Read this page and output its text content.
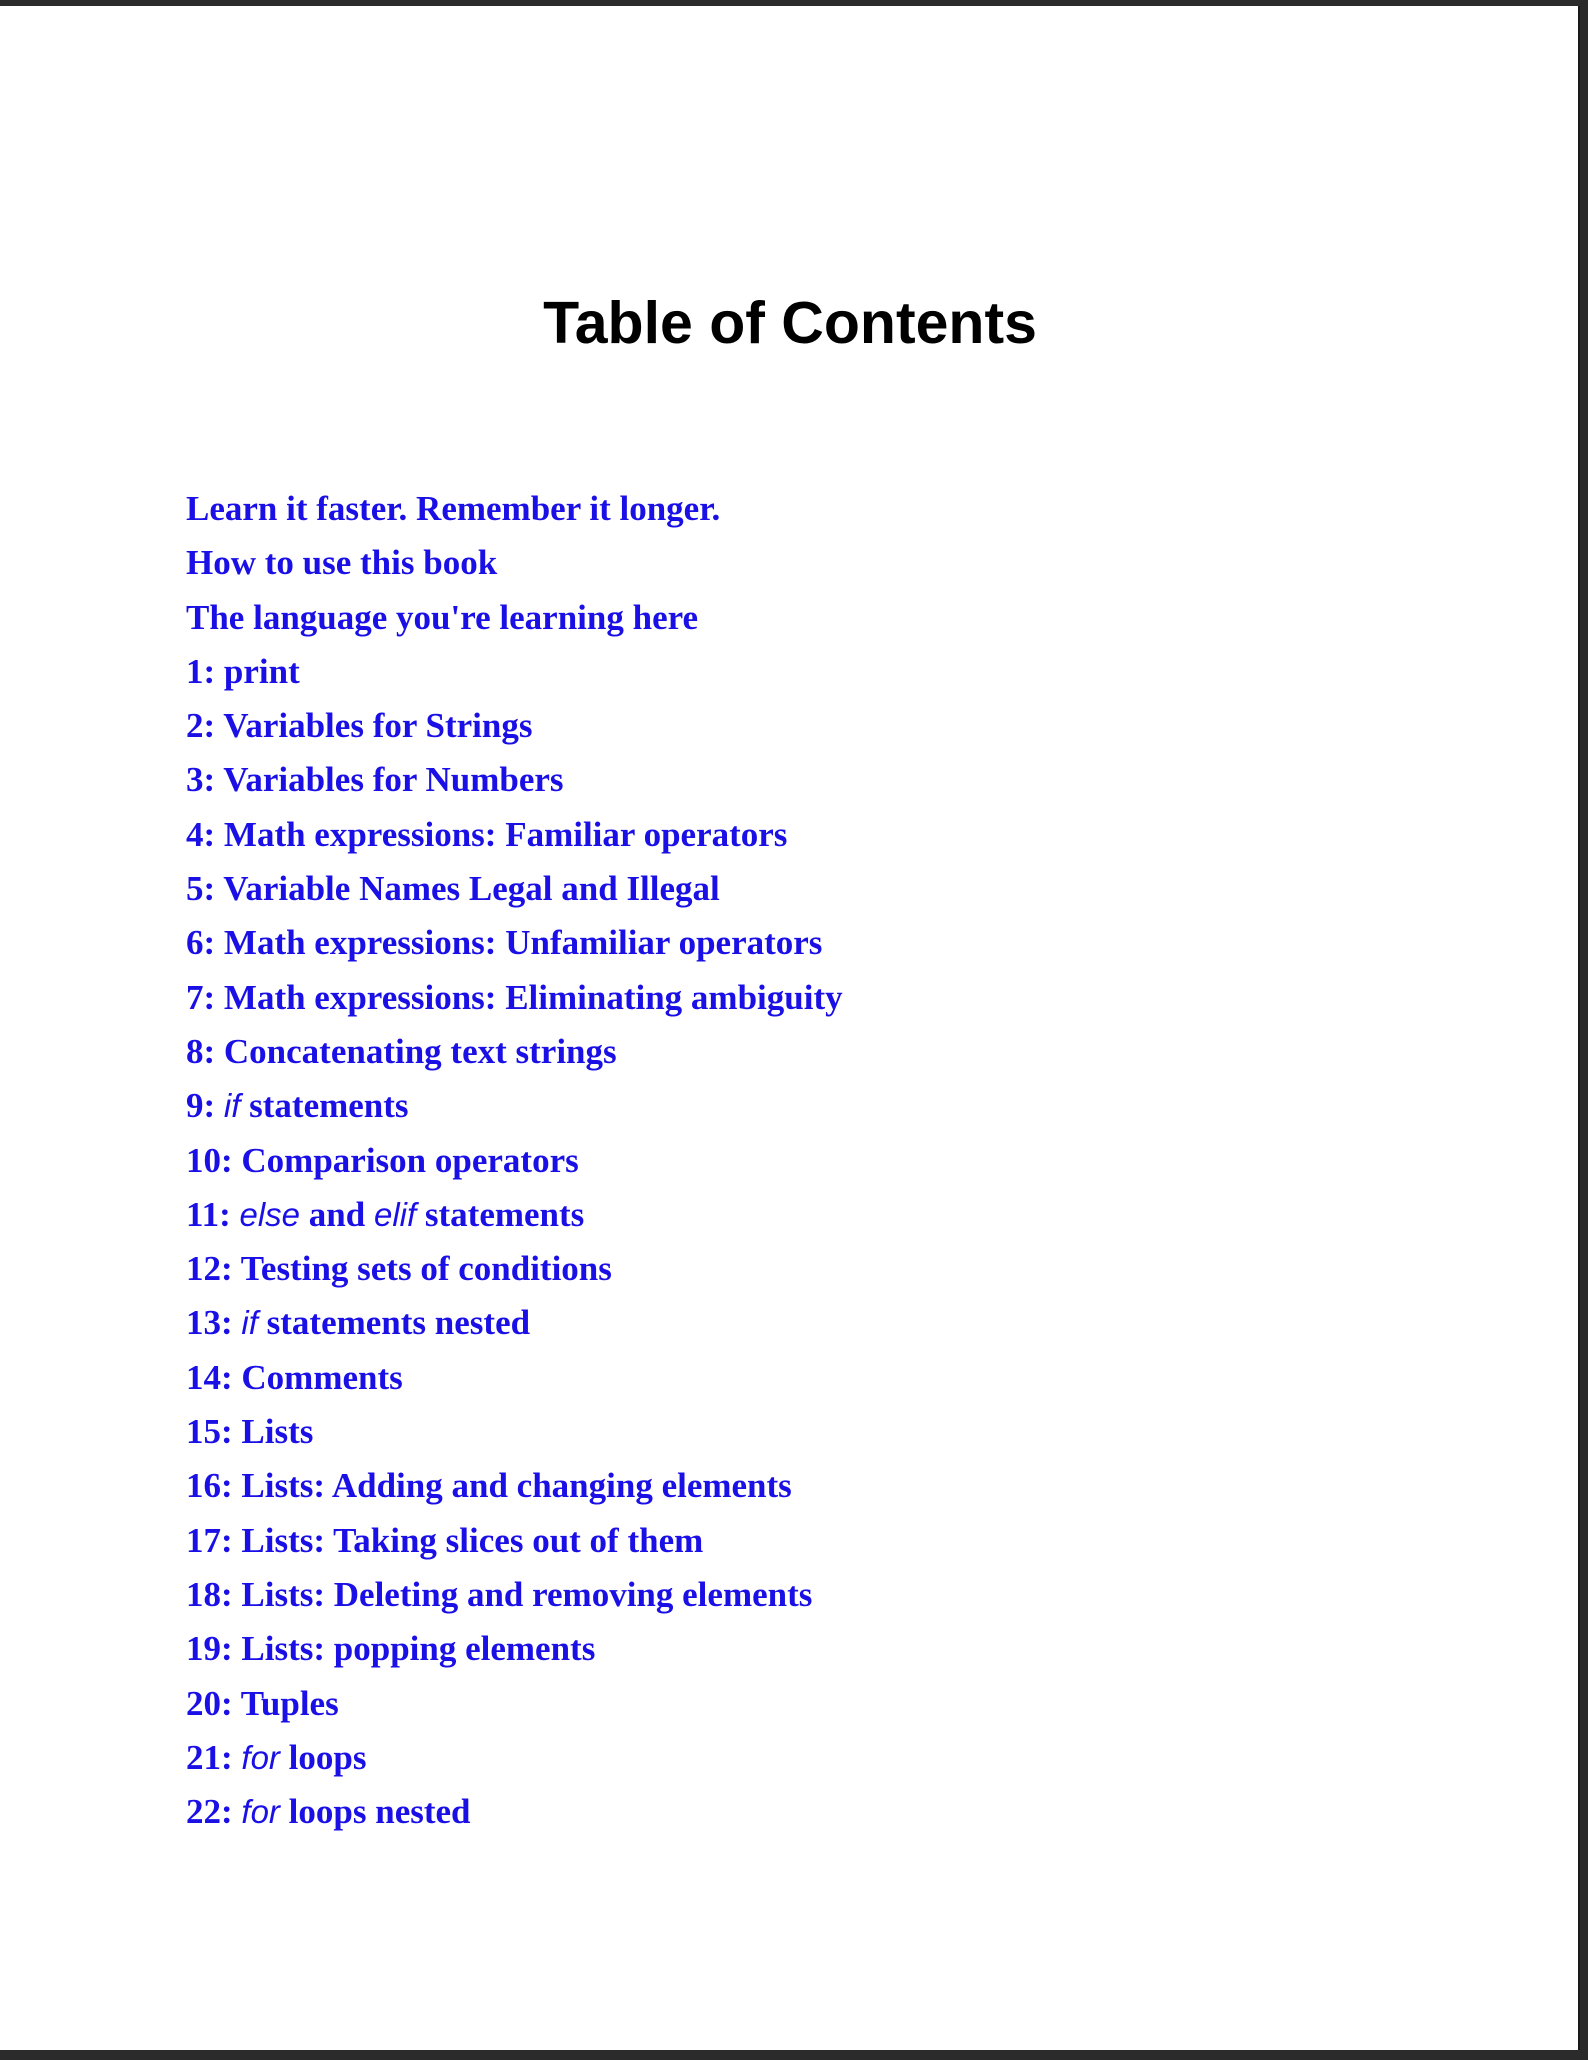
Table of Contents
Learn it faster. Remember it longer.
How to use this book
The language you're learning here
1: print
2: Variables for Strings
3: Variables for Numbers
4: Math expressions: Familiar operators
5: Variable Names Legal and Illegal
6: Math expressions: Unfamiliar operators
7: Math expressions: Eliminating ambiguity
8: Concatenating text strings
9: if statements
10: Comparison operators
11: else and elif statements
12: Testing sets of conditions
13: if statements nested
14: Comments
15: Lists
16: Lists: Adding and changing elements
17: Lists: Taking slices out of them
18: Lists: Deleting and removing elements
19: Lists: popping elements
20: Tuples
21: for loops
22: for loops nested
